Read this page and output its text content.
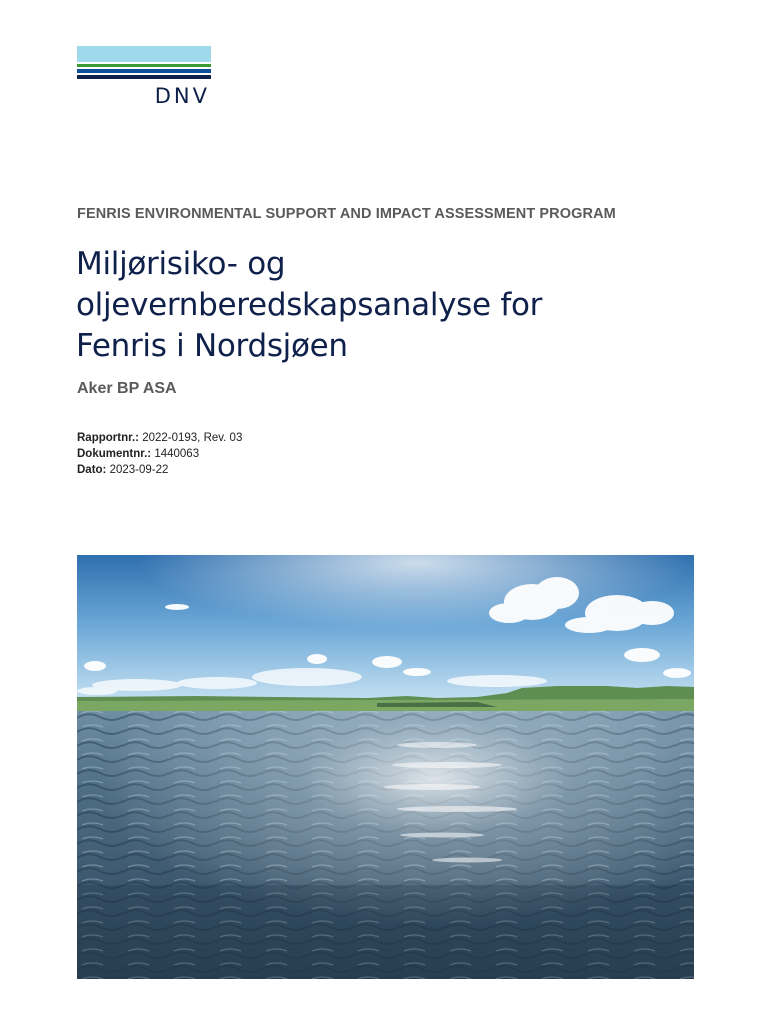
DNV
FENRIS ENVIRONMENTAL SUPPORT AND IMPACT ASSESSMENT PROGRAM
Miljørisiko- og
oljevernberedskapsanalyse for
Fenris i Nordsjøen
Aker BP ASA
Rapportnr.: 2022-0193, Rev. 03
Dokumentnr.: 1440063
Dato: 2023-09-22
